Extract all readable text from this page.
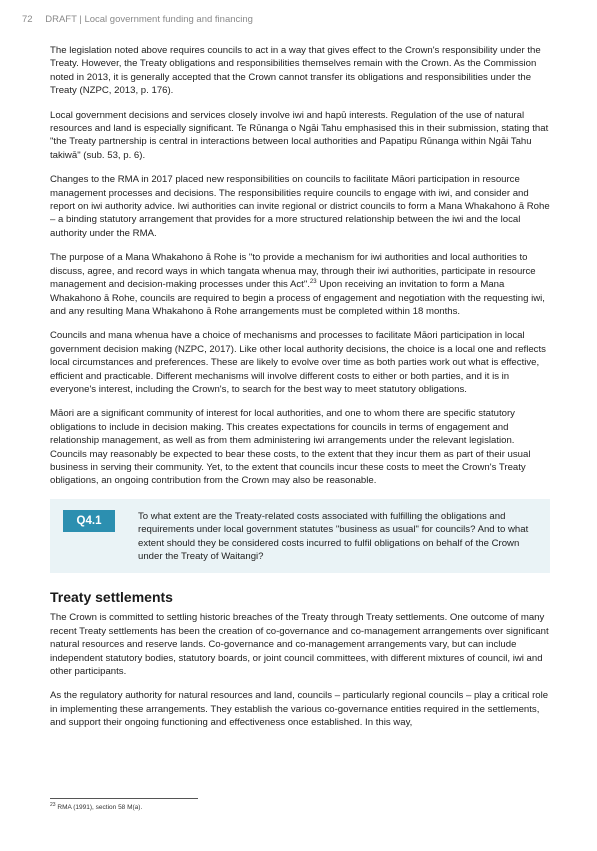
72 DRAFT | Local government funding and financing

The legislation noted above requires councils to act in a way that gives effect to the Crown's responsibility under the Treaty. However, the Treaty obligations and responsibilities themselves remain with the Crown. As the Commission noted in 2013, it is generally accepted that the Crown cannot transfer its obligations and responsibilities under the Treaty (NZPC, 2013, p. 176).

Local government decisions and services closely involve iwi and hapū interests. Regulation of the use of natural resources and land is especially significant. Te Rūnanga o Ngāi Tahu emphasised this in their submission, stating that "the Treaty partnership is central in interactions between local authorities and Papatipu Rūnanga within Ngāi Tahu takiwā" (sub. 53, p. 6).

Changes to the RMA in 2017 placed new responsibilities on councils to facilitate Māori participation in resource management processes and decisions. The responsibilities require councils to engage with iwi, and consider and report on iwi authority advice. Iwi authorities can invite regional or district councils to form a Mana Whakahono ā Rohe – a binding statutory arrangement that provides for a more structured relationship between the iwi and the local authority under the RMA.

The purpose of a Mana Whakahono ā Rohe is "to provide a mechanism for iwi authorities and local authorities to discuss, agree, and record ways in which tangata whenua may, through their iwi authorities, participate in resource management and decision-making processes under this Act".$^{23}$ Upon receiving an invitation to form a Mana Whakahono ā Rohe, councils are required to begin a process of engagement and negotiation with the requesting iwi, and any resulting Mana Whakahono ā Rohe arrangements must be completed within 18 months.

Councils and mana whenua have a choice of mechanisms and processes to facilitate Māori participation in local government decision making (NZPC, 2017). Like other local authority decisions, the choice is a local one and reflects local circumstances and preferences. These are likely to evolve over time as both parties work out what is effective, efficient and practicable. Different mechanisms will involve different costs to either or both parties, and it is in everyone's interest, including the Crown's, to search for the best way to meet statutory obligations.

Māori are a significant community of interest for local authorities, and one to whom there are specific statutory obligations to include in decision making. This creates expectations for councils in terms of engagement and relationship management, as well as from them administering iwi arrangements under the relevant legislation. Councils may reasonably be expected to bear these costs, to the extent that they incur them as part of their usual business in serving their community. Yet, to the extent that councils incur these costs to meet the Crown's Treaty obligations, an ongoing contribution from the Crown may also be reasonable.

Q4.1	To what extent are the Treaty-related costs associated with fulfilling the obligations and requirements under local government statutes "business as usual" for councils? And to what extent should they be considered costs incurred to fulfil obligations on behalf of the Crown under the Treaty of Waitangi?
Treaty settlements

The Crown is committed to settling historic breaches of the Treaty through Treaty settlements. One outcome of many recent Treaty settlements has been the creation of co-governance and co-management arrangements over significant natural resources and reserve lands. Co-governance and co-management arrangements vary, but can include independent statutory bodies, statutory boards, or joint council committees, with different mixtures of council, iwi and other participants.

As the regulatory authority for natural resources and land, councils – particularly regional councils – play a critical role in implementing these arrangements. They establish the various co-governance entities required in the settlements, and support their ongoing functioning and effectiveness once established. In this way,

$^{23}$ RMA (1991), section 58 M(a).
